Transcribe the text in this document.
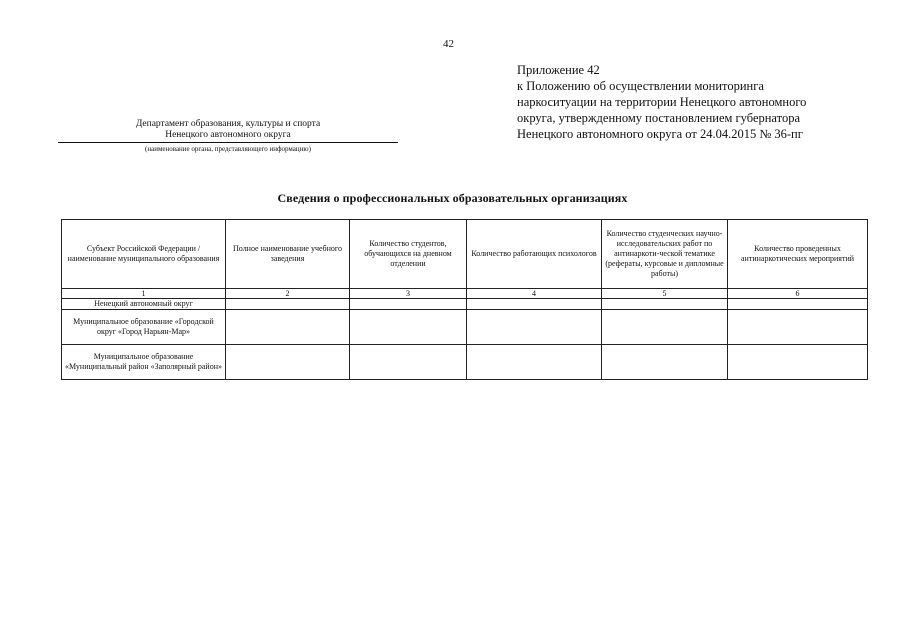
42
Приложение 42
к Положению об осуществлении мониторинга
наркоситуации на территории Ненецкого автономного
округа, утвержденному постановлением губернатора
Ненецкого автономного округа от 24.04.2015 № 36-пг
Департамент образования, культуры и спорта
Ненецкого автономного округа
(наименование органа, представляющего информацию)
Сведения о профессиональных образовательных организациях
Субъект Российской Федерации /наименование муниципального образования	Полное наименование учебного заведения	Количество студентов, обучающихся на дневном отделении	Количество работающих психологов	Количество студенческих научно-исследовательских работ по антинаркоти-ческой тематике (рефераты, курсовые и дипломные работы)	Количество проведенных антинаркотических мероприятий
1	2	3	4	5	6
Ненецкий автономный округ					
Муниципальное образование «Городской округ «Город Нарьян-Мар»					
Муниципальное образование «Муниципальный район «Заполярный район»					
